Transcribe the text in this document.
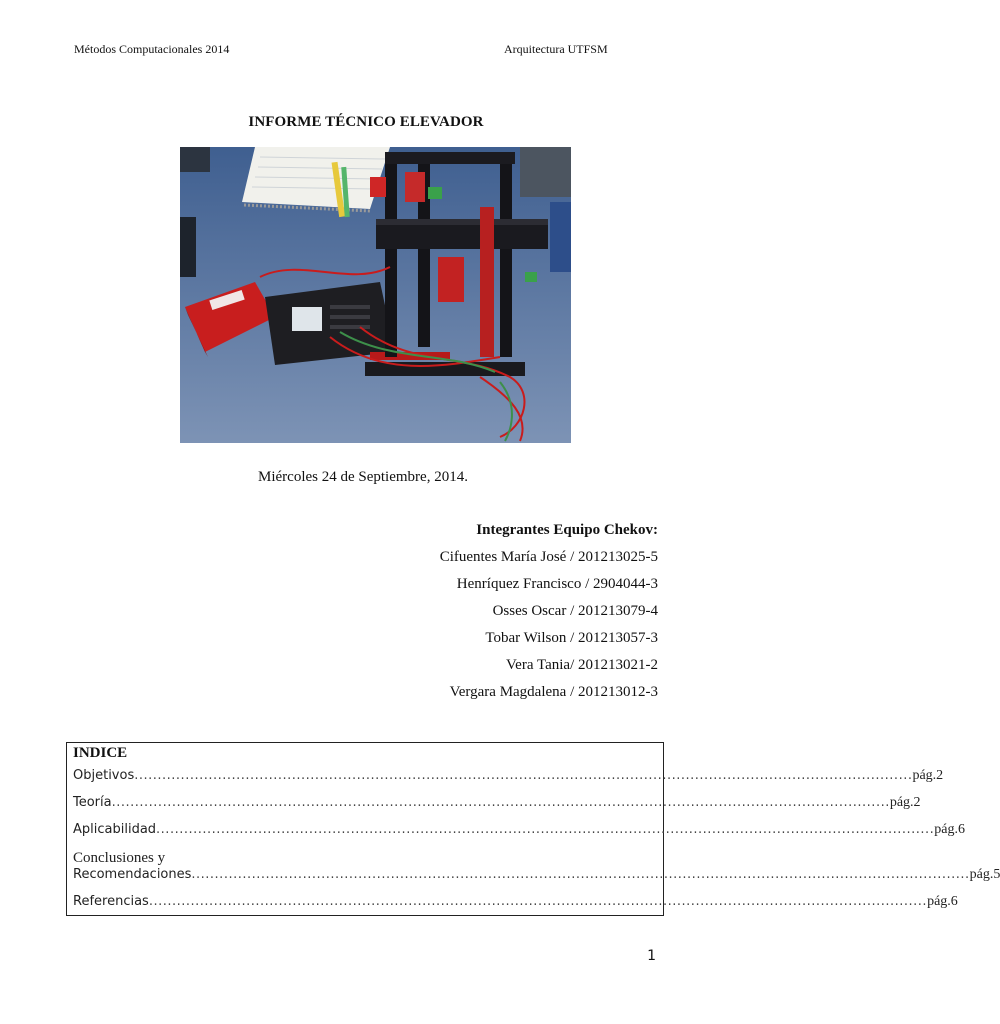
Métodos Computacionales 2014	Arquitectura UTFSM
INFORME TÉCNICO ELEVADOR
Miércoles 24 de Septiembre, 2014.
Integrantes Equipo Chekov:
Cifuentes María José / 201213025-5
Henríquez Francisco / 2904044-3
Osses Oscar / 201213079-4
Tobar Wilson / 201213057-3
Vera Tania/ 201213021-2
Vergara Magdalena / 201213012-3
INDICE
Objetivos ........................................................................................................................................................................ pág.2
Teoría ........................................................................................................................................................................ pág.2
Aplicabilidad ........................................................................................................................................................................ pág.6
Conclusiones y
Recomendaciones ........................................................................................................................................................................ pág.5
Referencias ........................................................................................................................................................................ pág.6
1
